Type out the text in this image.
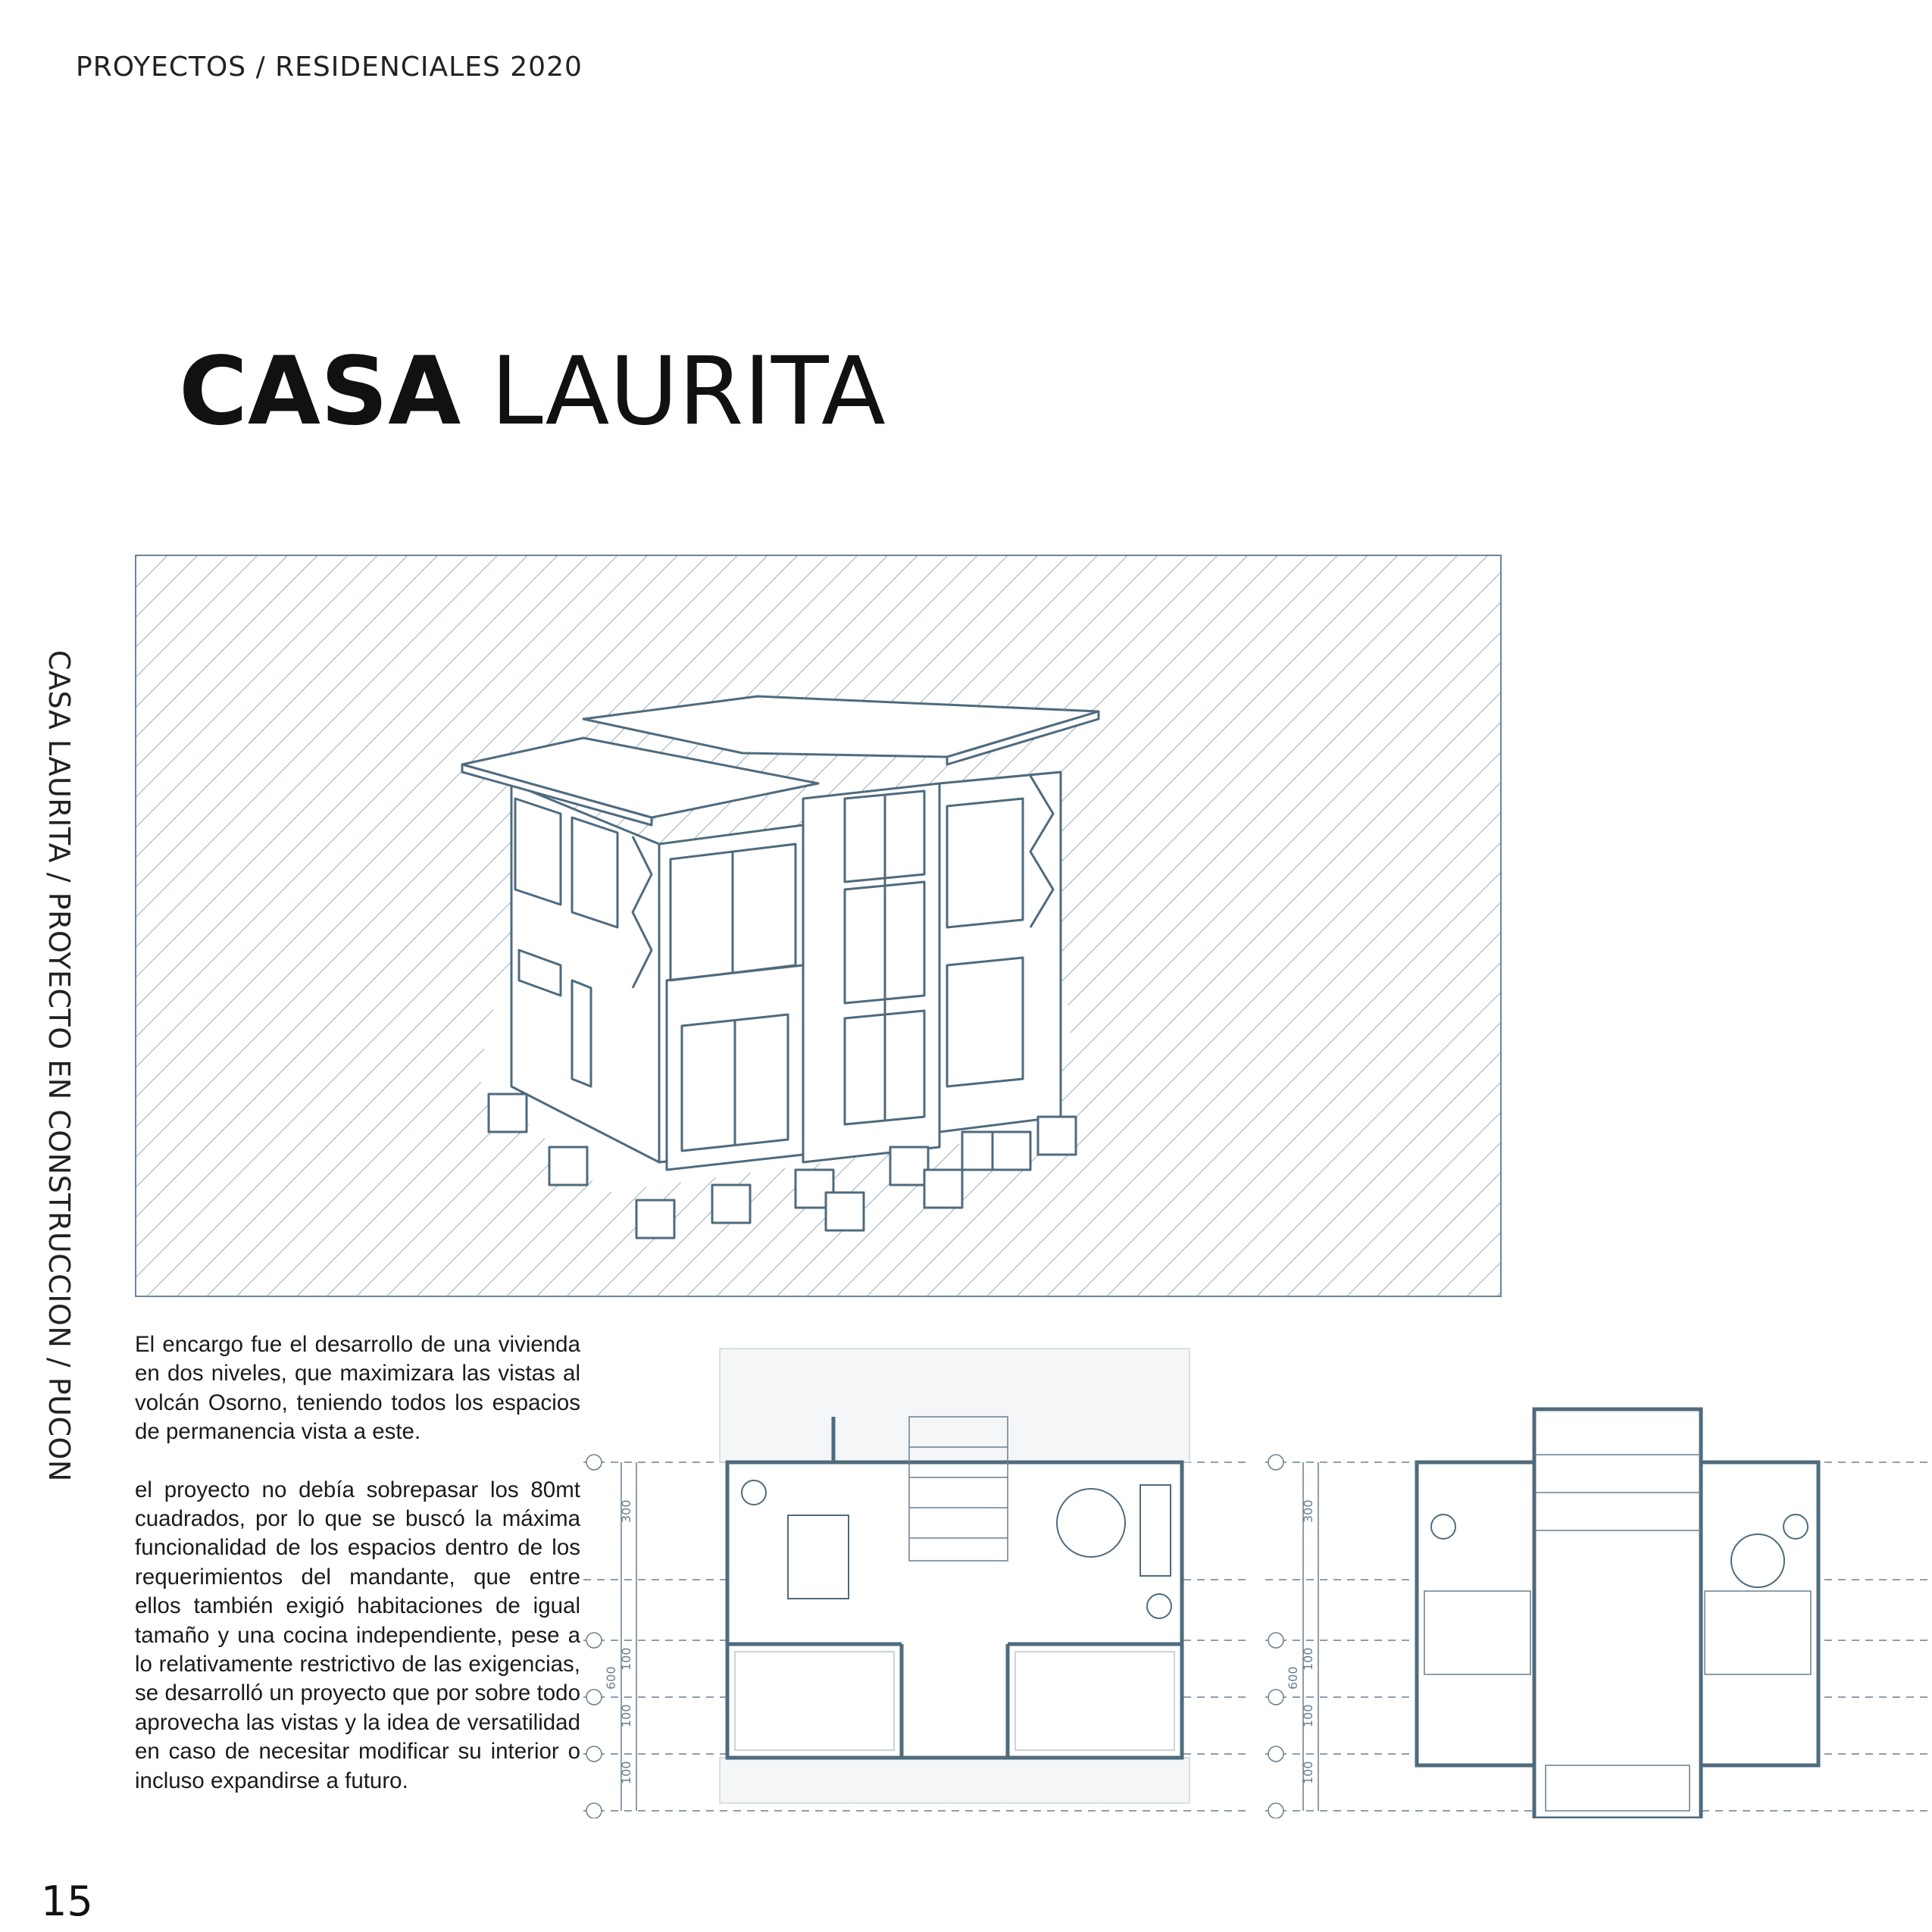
PROYECTOS / RESIDENCIALES 2020
CASA LAURITA
CASA LAURITA / PROYECTO EN CONSTRUCCION / PUCON	El encargo fue el desarrollo de una vivienda en dos niveles, que maximizara las vistas al volcán Osorno, teniendo todos los espacios de permanencia vista a este.

el proyecto no debía sobrepasar los 80mt cuadrados, por lo que se buscó la máxima funcionalidad de los espacios dentro de los requerimientos del mandante, que entre ellos también exigió habitaciones de igual tamaño y una cocina independiente, pese a lo relativamente restrictivo de las exigencias, se desarrolló un proyecto que por sobre todo aprovecha las vistas y la idea de versatilidad en caso de necesitar modificar su interior o incluso expandirse a futuro.

300
600
100
100
100
300
600
100
100
100
15
